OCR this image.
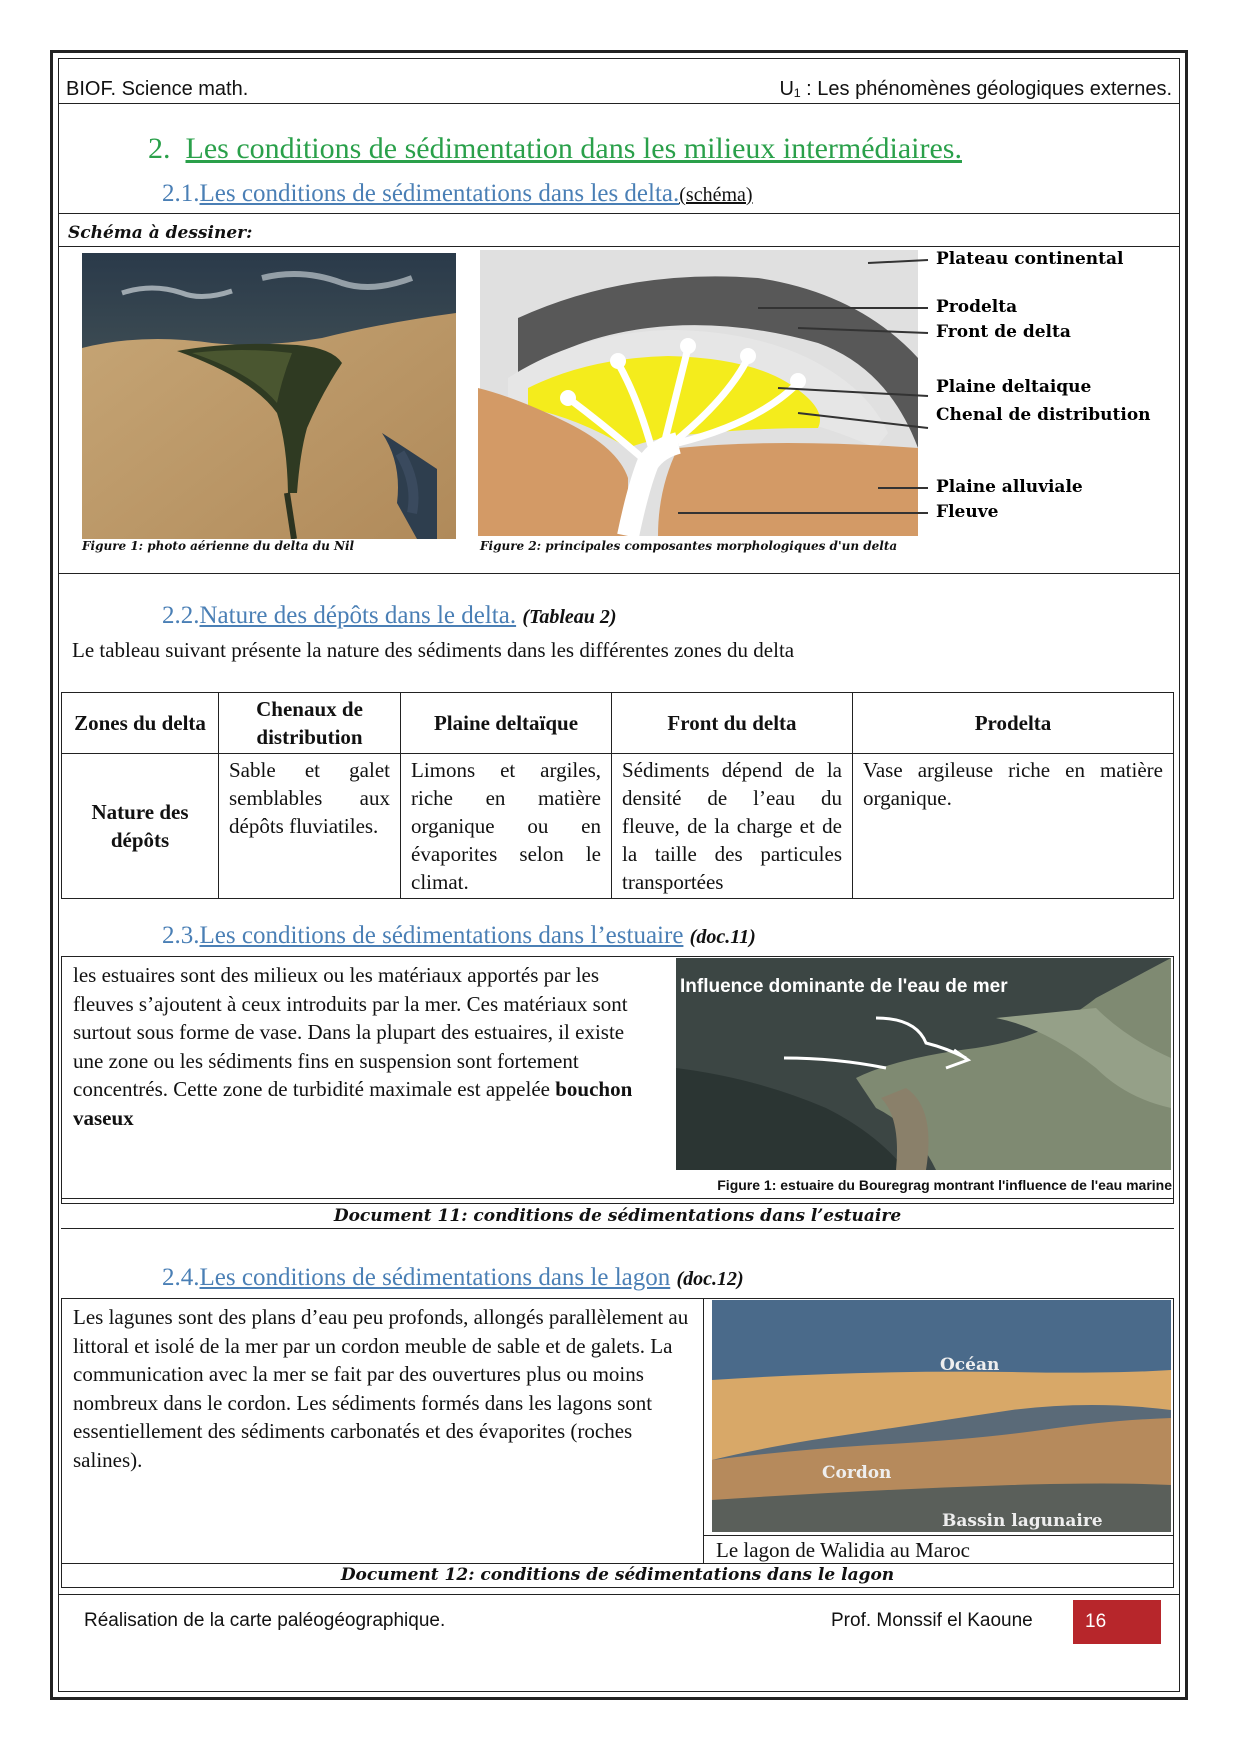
BIOF. Science math.	U₁ : Les phénomènes géologiques externes.
2. Les conditions de sédimentation dans les milieux intermédiaires.
2.1.Les conditions de sédimentations dans les delta.(schéma)
Schéma à dessiner:
Figure 1: photo aérienne du delta du Nil
Plateau continental
Prodelta
Front de delta
Plaine deltaique
Chenal de distribution
Plaine alluviale
Fleuve
Figure 2: principales composantes morphologiques d'un delta
2.2.Nature des dépôts dans le delta. (Tableau 2)
Le tableau suivant présente la nature des sédiments dans les différentes zones du delta
Zones du delta	Chenaux de distribution	Plaine deltaïque	Front du delta	Prodelta
Nature des dépôts	Sable et galet semblables aux dépôts fluviatiles.	Limons et argiles, riche en matière organique ou en évaporites selon le climat.	Sédiments dépend de la densité de l’eau du fleuve, de la charge et de la taille des particules transportées	Vase argileuse riche en matière organique.
2.3.Les conditions de sédimentations dans l’estuaire (doc.11)
les estuaires sont des milieux ou les matériaux apportés par les fleuves s’ajoutent à ceux introduits par la mer. Ces matériaux sont surtout sous forme de vase. Dans la plupart des estuaires, il existe une zone ou les sédiments fins en suspension sont fortement concentrés. Cette zone de turbidité maximale est appelée bouchon vaseux
Influence dominante de l'eau de mer
Figure 1: estuaire du Bouregrag montrant l'influence de l'eau marine
Document 11: conditions de sédimentations dans l’estuaire
2.4.Les conditions de sédimentations dans le lagon (doc.12)
Les lagunes sont des plans d’eau peu profonds, allongés parallèlement au littoral et isolé de la mer par un cordon meuble de sable et de galets. La communication avec la mer se fait par des ouvertures plus ou moins nombreux dans le cordon. Les sédiments formés dans les lagons sont essentiellement des sédiments carbonatés et des évaporites (roches salines).
Océan
Cordon
Bassin lagunaire
Le lagon de Walidia au Maroc
Document 12: conditions de sédimentations dans le lagon
Réalisation de la carte paléogéographique.	Prof. Monssif el Kaoune	16
